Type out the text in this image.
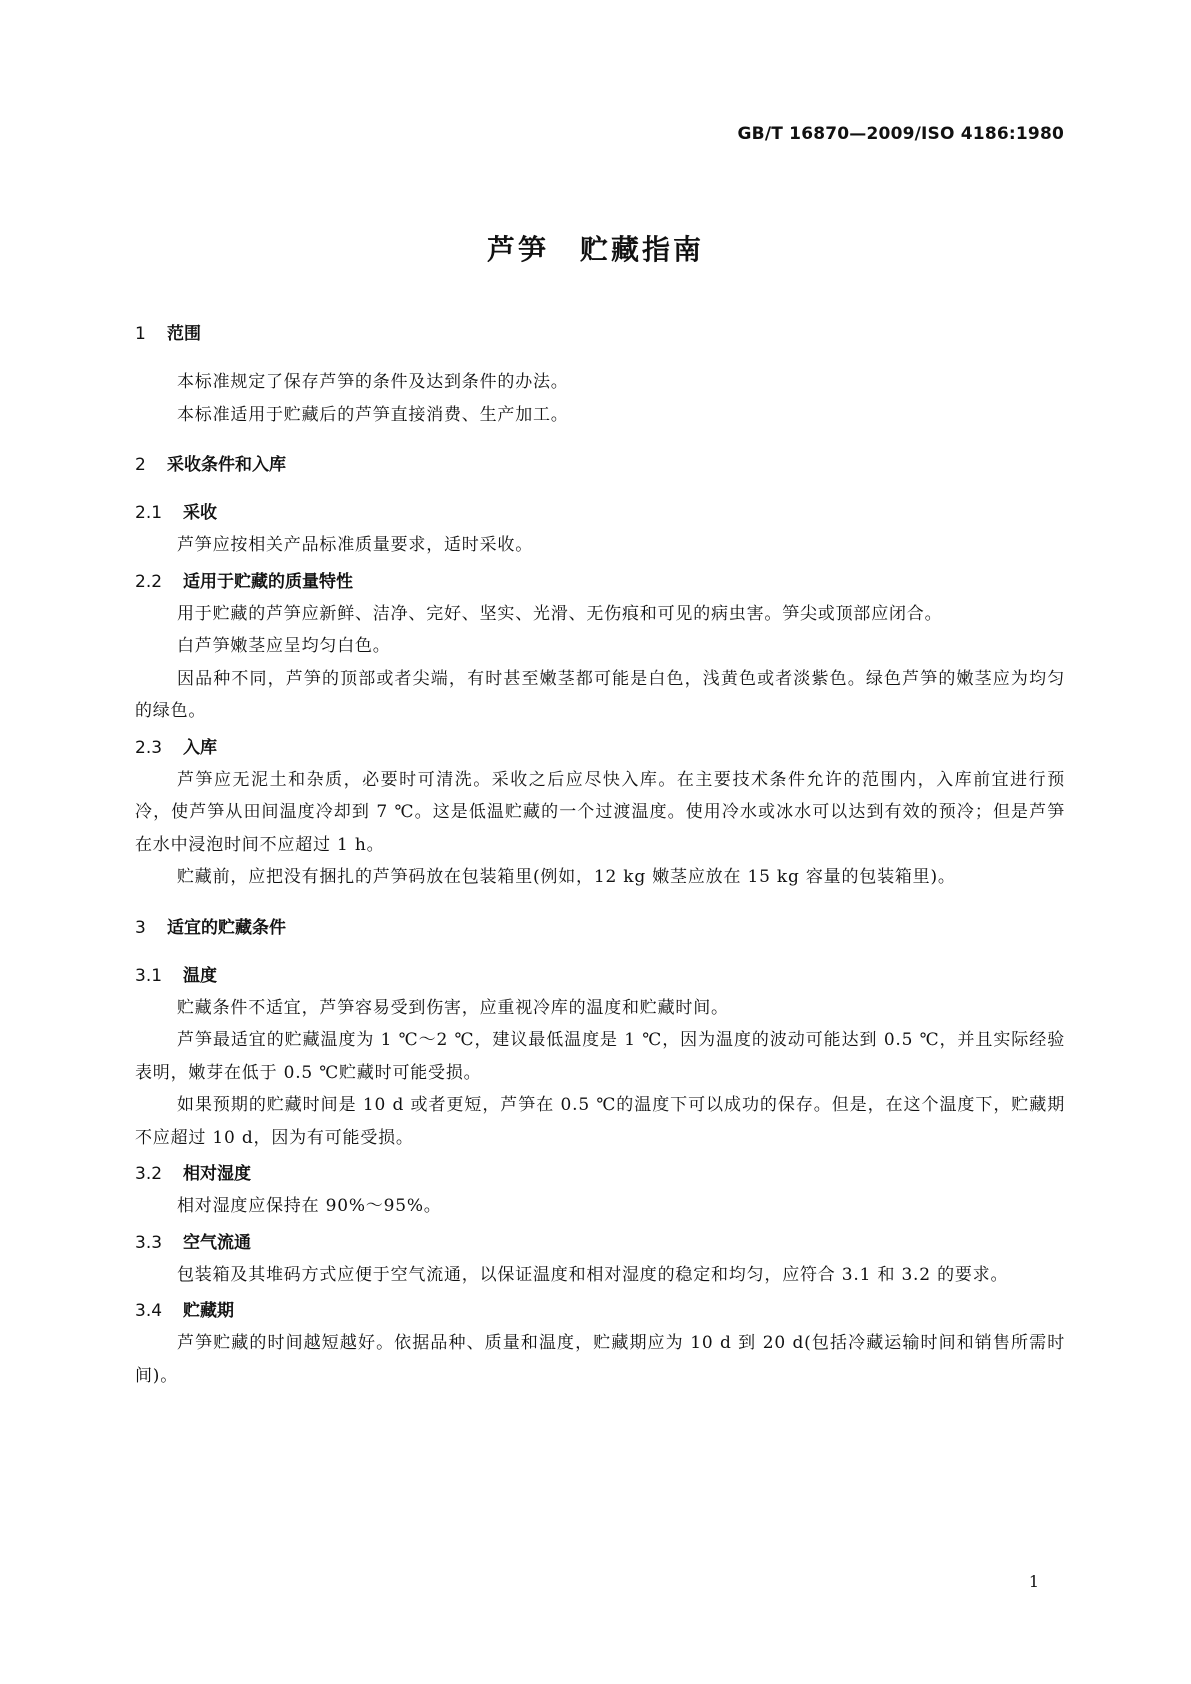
GB/T 16870—2009/ISO 4186:1980
芦笋　贮藏指南
1 范围

本标准规定了保存芦笋的条件及达到条件的办法。

本标准适用于贮藏后的芦笋直接消费、生产加工。

2 采收条件和入库
2.1 采收

芦笋应按相关产品标准质量要求，适时采收。

2.2 适用于贮藏的质量特性

用于贮藏的芦笋应新鲜、洁净、完好、坚实、光滑、无伤痕和可见的病虫害。笋尖或顶部应闭合。

白芦笋嫩茎应呈均匀白色。

因品种不同，芦笋的顶部或者尖端，有时甚至嫩茎都可能是白色，浅黄色或者淡紫色。绿色芦笋的嫩茎应为均匀的绿色。

2.3 入库

芦笋应无泥土和杂质，必要时可清洗。采收之后应尽快入库。在主要技术条件允许的范围内，入库前宜进行预冷，使芦笋从田间温度冷却到 7 ℃。这是低温贮藏的一个过渡温度。使用冷水或冰水可以达到有效的预冷；但是芦笋在水中浸泡时间不应超过 1 h。

贮藏前，应把没有捆扎的芦笋码放在包装箱里(例如，12 kg 嫩茎应放在 15 kg 容量的包装箱里)。

3 适宜的贮藏条件
3.1 温度

贮藏条件不适宜，芦笋容易受到伤害，应重视冷库的温度和贮藏时间。

芦笋最适宜的贮藏温度为 1 ℃～2 ℃，建议最低温度是 1 ℃，因为温度的波动可能达到 0.5 ℃，并且实际经验表明，嫩芽在低于 0.5 ℃贮藏时可能受损。

如果预期的贮藏时间是 10 d 或者更短，芦笋在 0.5 ℃的温度下可以成功的保存。但是，在这个温度下，贮藏期不应超过 10 d，因为有可能受损。

3.2 相对湿度

相对湿度应保持在 90%～95%。

3.3 空气流通

包装箱及其堆码方式应便于空气流通，以保证温度和相对湿度的稳定和均匀，应符合 3.1 和 3.2 的要求。

3.4 贮藏期

芦笋贮藏的时间越短越好。依据品种、质量和温度，贮藏期应为 10 d 到 20 d(包括冷藏运输时间和销售所需时间)。

1
